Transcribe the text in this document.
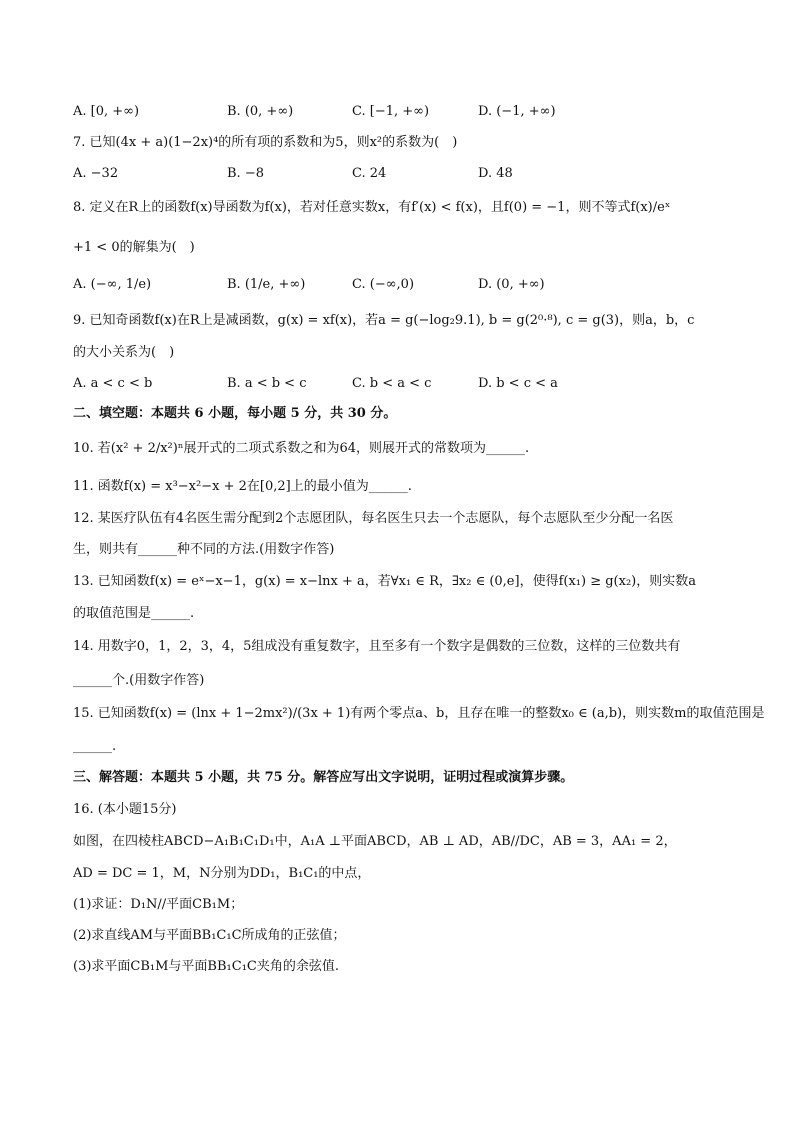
A. [0, +∞)	B. (0, +∞)	C. [−1, +∞)	D. (−1, +∞)
7. 已知(4x + a)(1−2x)⁴的所有项的系数和为5，则x²的系数为(　)
A. −32	B. −8	C. 24	D. 48
8. 定义在R上的函数f(x)导函数为f(x)，若对任意实数x，有f′(x) < f(x)，且f(0) = −1，则不等式f(x)/eˣ
+1 < 0的解集为(　)
A. (−∞, 1/e)	B. (1/e, +∞)	C. (−∞,0)	D. (0, +∞)
9. 已知奇函数f(x)在R上是减函数，g(x) = xf(x)，若a = g(−log₂9.1), b = g(2⁰·⁸), c = g(3)，则a，b，c
的大小关系为(　)
A. a < c < b	B. a < b < c	C. b < a < c	D. b < c < a
二、填空题：本题共 6 小题，每小题 5 分，共 30 分。
10. 若(x² + 2/x²)ⁿ展开式的二项式系数之和为64，则展开式的常数项为______.
11. 函数f(x) = x³−x²−x + 2在[0,2]上的最小值为______.
12. 某医疗队伍有4名医生需分配到2个志愿团队，每名医生只去一个志愿队，每个志愿队至少分配一名医
生，则共有______种不同的方法.(用数字作答)
13. 已知函数f(x) = eˣ−x−1，g(x) = x−lnx + a，若∀x₁ ∈ R，∃x₂ ∈ (0,e]，使得f(x₁) ≥ g(x₂)，则实数a
的取值范围是______.
14. 用数字0，1，2，3，4，5组成没有重复数字，且至多有一个数字是偶数的三位数，这样的三位数共有
______个.(用数字作答)
15. 已知函数f(x) = (lnx + 1−2mx²)/(3x + 1)有两个零点a、b，且存在唯一的整数x₀ ∈ (a,b)，则实数m的取值范围是
______.
三、解答题：本题共 5 小题，共 75 分。解答应写出文字说明，证明过程或演算步骤。
16. (本小题15分)
如图，在四棱柱ABCD−A₁B₁C₁D₁中，A₁A ⊥平面ABCD，AB ⊥ AD，AB//DC，AB = 3，AA₁ = 2，
AD = DC = 1，M，N分别为DD₁，B₁C₁的中点，
(1)求证：D₁N//平面CB₁M；
(2)求直线AM与平面BB₁C₁C所成角的正弦值；
(3)求平面CB₁M与平面BB₁C₁C夹角的余弦值.
